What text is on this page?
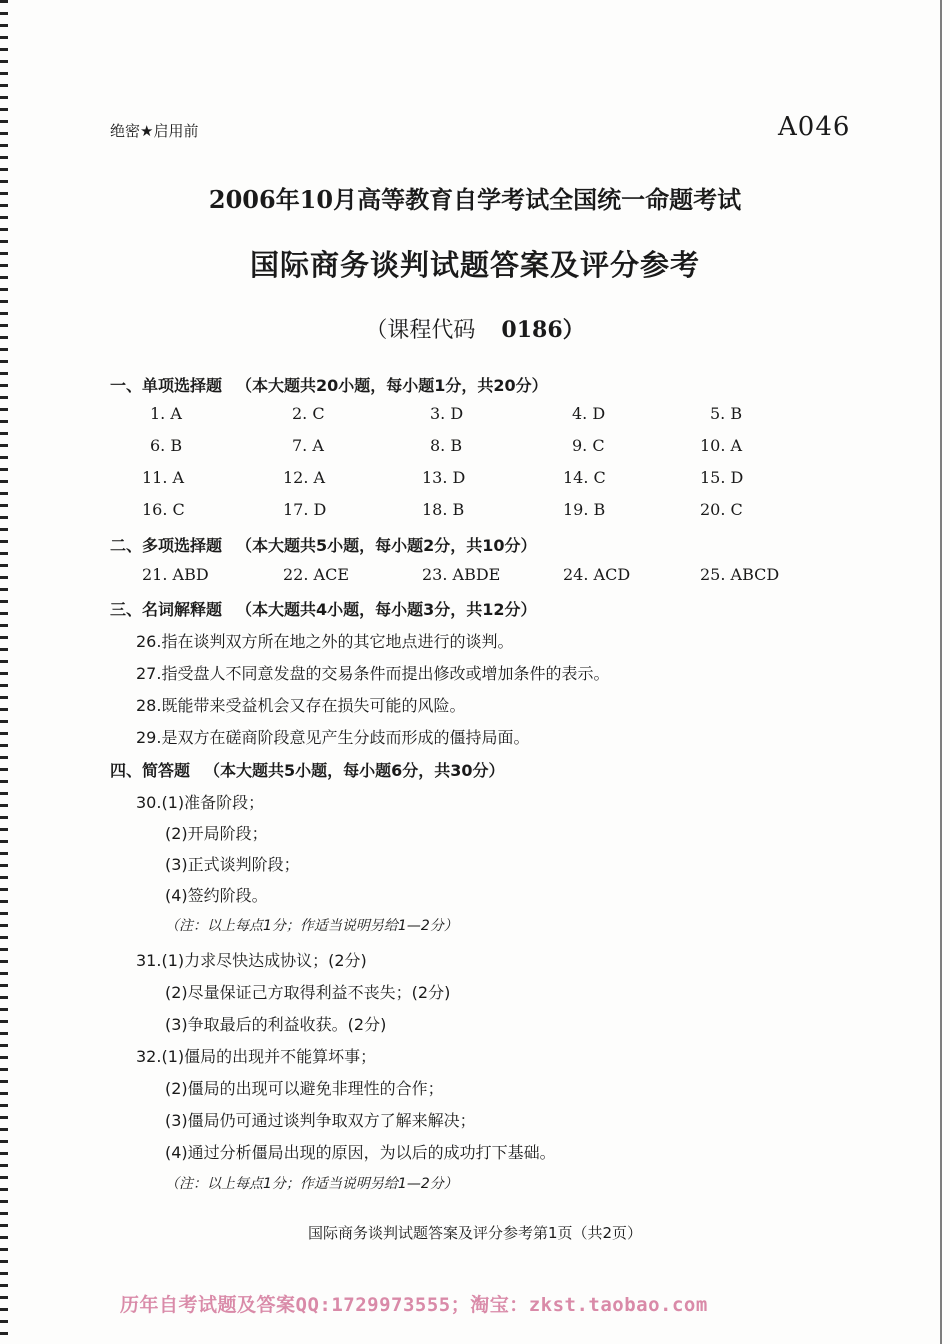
绝密★启用前	A046
2006年10月高等教育自学考试全国统一命题考试
国际商务谈判试题答案及评分参考
（课程代码 0186）
一、单项选择题 （本大题共20小题，每小题1分，共20分）
1. A	2. C	3. D	4. D	5. B
6. B	7. A	8. B	9. C	10. A
11. A	12. A	13. D	14. C	15. D
16. C	17. D	18. B	19. B	20. C
二、多项选择题 （本大题共5小题，每小题2分，共10分）
21. ABD	22. ACE	23. ABDE	24. ACD	25. ABCD
三、名词解释题 （本大题共4小题，每小题3分，共12分）
26.指在谈判双方所在地之外的其它地点进行的谈判。
27.指受盘人不同意发盘的交易条件而提出修改或增加条件的表示。
28.既能带来受益机会又存在损失可能的风险。
29.是双方在磋商阶段意见产生分歧而形成的僵持局面。
四、简答题 （本大题共5小题，每小题6分，共30分）
30.(1)准备阶段；
(2)开局阶段；
(3)正式谈判阶段；
(4)签约阶段。
（注：以上每点1分；作适当说明另给1—2分）
31.(1)力求尽快达成协议；(2分)
(2)尽量保证己方取得利益不丧失；(2分)
(3)争取最后的利益收获。(2分)
32.(1)僵局的出现并不能算坏事；
(2)僵局的出现可以避免非理性的合作；
(3)僵局仍可通过谈判争取双方了解来解决；
(4)通过分析僵局出现的原因，为以后的成功打下基础。
（注：以上每点1分；作适当说明另给1—2分）
国际商务谈判试题答案及评分参考第1页（共2页）
历年自考试题及答案QQ:1729973555；淘宝：zkst.taobao.com
